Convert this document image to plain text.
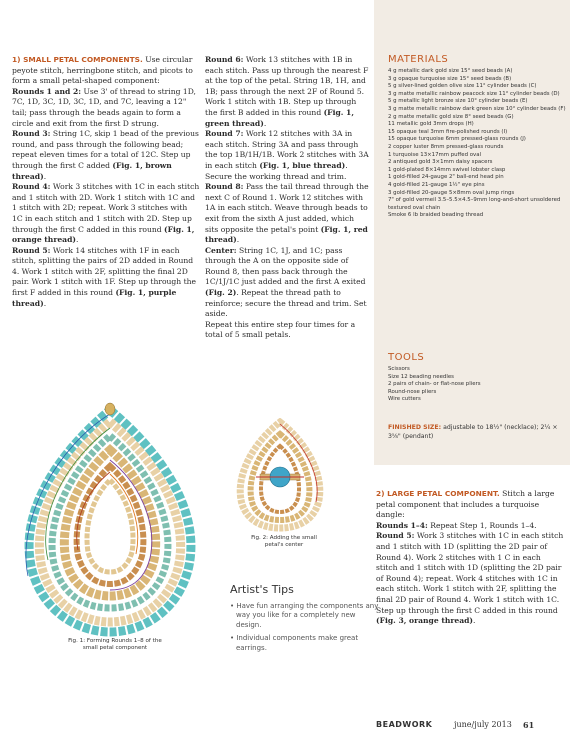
1) SMALL PETAL COMPONENTS. Use circular peyote stitch, herringbone stitch, and picots to form a small petal-shaped component:

Rounds 1 and 2: Use 3' of thread to string 1D, 7C, 1D, 3C, 1D, 3C, 1D, and 7C, leaving a 12" tail; pass through the beads again to form a circle and exit from the first D strung.

Round 3: String 1C, skip 1 bead of the previous round, and pass through the following bead; repeat eleven times for a total of 12C. Step up through the first C added (Fig. 1, brown thread).

Round 4: Work 3 stitches with 1C in each stitch and 1 stitch with 2D. Work 1 stitch with 1C and 1 stitch with 2D; repeat. Work 3 stitches with 1C in each stitch and 1 stitch with 2D. Step up through the first C added in this round (Fig. 1, orange thread).

Round 5: Work 14 stitches with 1F in each stitch, splitting the pairs of 2D added in Round 4. Work 1 stitch with 2F, splitting the final 2D pair. Work 1 stitch with 1F. Step up through the first F added in this round (Fig. 1, purple thread).

Round 6: Work 13 stitches with 1B in each stitch. Pass up through the nearest F at the top of the petal. String 1B, 1H, and 1B; pass through the next 2F of Round 5. Work 1 stitch with 1B. Step up through the first B added in this round (Fig. 1, green thread).

Round 7: Work 12 stitches with 3A in each stitch. String 3A and pass through the top 1B/1H/1B. Work 2 stitches with 3A in each stitch (Fig. 1, blue thread). Secure the working thread and trim.

Round 8: Pass the tail thread through the next C of Round 1. Work 12 stitches with 1A in each stitch. Weave through beads to exit from the sixth A just added, which sits opposite the petal's point (Fig. 1, red thread).

Center: String 1C, 1J, and 1C; pass through the A on the opposite side of Round 8, then pass back through the 1C/1J/1C just added and the first A exited (Fig. 2). Repeat the thread path to reinforce; secure the thread and trim. Set aside.

Repeat this entire step four times for a total of 5 small petals.

MATERIALS
4 g metallic dark gold size 15° seed beads (A)
3 g opaque turquoise size 15° seed beads (B)
5 g silver-lined golden olive size 11° cylinder beads (C)
3 g matte metallic rainbow peacock size 11° cylinder beads (D)
5 g metallic light bronze size 10° cylinder beads (E)
3 g matte metallic rainbow dark green size 10° cylinder beads (F)
2 g matte metallic gold size 8° seed beads (G)
11 metallic gold 3mm drops (H)
15 opaque teal 3mm fire-polished rounds (I)
15 opaque turquoise 6mm pressed-glass rounds (J)
2 copper luster 8mm pressed-glass rounds
1 turquoise 13×17mm puffed oval
2 antiqued gold 3×1mm daisy spacers
1 gold-plated 8×14mm swivel lobster clasp
1 gold-filled 24-gauge 2" ball-end head pin
4 gold-filled 21-gauge 1½" eye pins
3 gold-filled 20-gauge 5×8mm oval jump rings
7" of gold vermeil 3.5–5.5×4.5–9mm long-and-short unsoldered textured oval chain
Smoke 6 lb braided beading thread
TOOLS
Scissors
Size 12 beading needles
2 pairs of chain- or flat-nose pliers
Round-nose pliers
Wire cutters
FINISHED SIZE: adjustable to 18½" (necklace); 2¼ × 3⅝" (pendant)

2) LARGE PETAL COMPONENT. Stitch a large petal component that includes a turquoise dangle:

Rounds 1–4: Repeat Step 1, Rounds 1–4.

Round 5: Work 3 stitches with 1C in each stitch and 1 stitch with 1D (splitting the 2D pair of Round 4). Work 2 stitches with 1 C in each stitch and 1 stitch with 1D (splitting the 2D pair of Round 4); repeat. Work 4 stitches with 1C in each stitch. Work 1 stitch with 2F, splitting the final 2D pair of Round 4. Work 1 stitch with 1C. Step up through the first C added in this round (Fig. 3, orange thread).

Fig. 1: Forming Rounds 1–8 of the small petal component
Fig. 2: Adding the small petal's center
Artist's Tips
• Have fun arranging the components any way you like for a completely new design.
• Individual components make great earrings.
BEADWORK	june/july 2013 61
